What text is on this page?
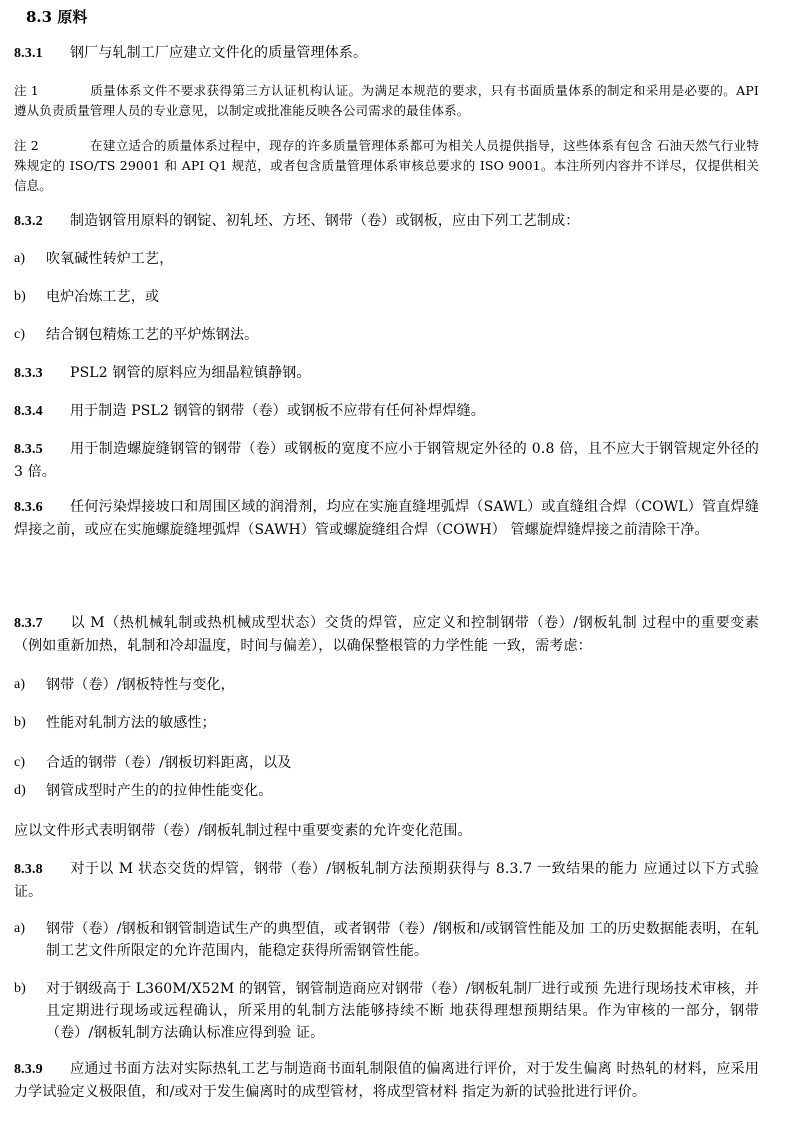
8.3 原料
8.3.1 钢厂与轧制工厂应建立文件化的质量管理体系。
注 1	质量体系文件不要求获得第三方认证机构认证。为满足本规范的要求，只有书面质量体系的制定和采用是必要的。API 遵从负责质量管理人员的专业意见，以制定或批准能反映各公司需求的最佳体系。
注 2	在建立适合的质量体系过程中，现存的许多质量管理体系都可为相关人员提供指导，这些体系有包含 石油天然气行业特殊规定的 ISO/TS 29001 和 API Q1 规范，或者包含质量管理体系审核总要求的 ISO 9001。本注所列内容并不详尽，仅提供相关信息。
8.3.2 制造钢管用原料的钢锭、初轧坯、方坯、钢带（卷）或钢板，应由下列工艺制成：
a)	吹氧碱性转炉工艺，
b)	电炉冶炼工艺，或
c)	结合钢包精炼工艺的平炉炼钢法。
8.3.3 PSL2 钢管的原料应为细晶粒镇静钢。
8.3.4 用于制造 PSL2 钢管的钢带（卷）或钢板不应带有任何补焊焊缝。
8.3.5 用于制造螺旋缝钢管的钢带（卷）或钢板的宽度不应小于钢管规定外径的 0.8 倍，且不应大于钢管规定外径的 3 倍。
8.3.6 任何污染焊接坡口和周围区域的润滑剂，均应在实施直缝埋弧焊（SAWL）或直缝组合焊（COWL）管直焊缝焊接之前，或应在实施螺旋缝埋弧焊（SAWH）管或螺旋缝组合焊（COWH） 管螺旋焊缝焊接之前清除干净。
8.3.7 以 M（热机械轧制或热机械成型状态）交货的焊管，应定义和控制钢带（卷）/钢板轧制 过程中的重要变素（例如重新加热，轧制和冷却温度，时间与偏差），以确保整根管的力学性能 一致，需考虑：
a)	钢带（卷）/钢板特性与变化，
b)	性能对轧制方法的敏感性；
c)	合适的钢带（卷）/钢板切料距离，以及
d)	钢管成型时产生的的拉伸性能变化。
应以文件形式表明钢带（卷）/钢板轧制过程中重要变素的允许变化范围。
8.3.8 对于以 M 状态交货的焊管，钢带（卷）/钢板轧制方法预期获得与 8.3.7 一致结果的能力 应通过以下方式验证。
a)	钢带（卷）/钢板和钢管制造试生产的典型值，或者钢带（卷）/钢板和/或钢管性能及加 工的历史数据能表明，在轧制工艺文件所限定的允许范围内，能稳定获得所需钢管性能。
b)	对于钢级高于 L360M/X52M 的钢管，钢管制造商应对钢带（卷）/钢板轧制厂进行或预 先进行现场技术审核，并且定期进行现场或远程确认，所采用的轧制方法能够持续不断 地获得理想预期结果。作为审核的一部分，钢带（卷）/钢板轧制方法确认标准应得到验 证。
8.3.9 应通过书面方法对实际热轧工艺与制造商书面轧制限值的偏离进行评价，对于发生偏离 时热轧的材料，应采用力学试验定义极限值，和/或对于发生偏离时的成型管材，将成型管材料 指定为新的试验批进行评价。
